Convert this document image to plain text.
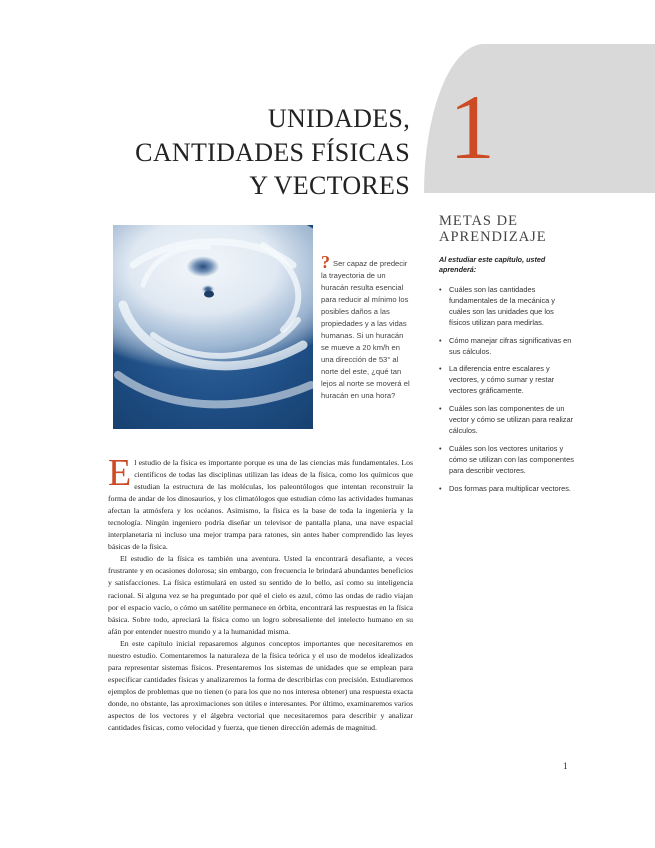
1
UNIDADES,
CANTIDADES FÍSICAS
Y VECTORES
METAS DE
APRENDIZAJE
Al estudiar este capítulo, usted aprenderá:
• Cuáles son las cantidades fundamentales de la mecánica y cuáles son las unidades que los físicos utilizan para medirlas.
• Cómo manejar cifras significativas en sus cálculos.
• La diferencia entre escalares y vectores, y cómo sumar y restar vectores gráficamente.
• Cuáles son las componentes de un vector y cómo se utilizan para realizar cálculos.
• Cuáles son los vectores unitarios y cómo se utilizan con las componentes para describir vectores.
• Dos formas para multiplicar vectores.
? Ser capaz de predecir la trayectoria de un huracán resulta esencial para reducir al mínimo los posibles daños a las propiedades y a las vidas humanas. Si un huracán se mueve a 20 km/h en una dirección de 53° al norte del este, ¿qué tan lejos al norte se moverá el huracán en una hora?

El estudio de la física es importante porque es una de las ciencias más fundamentales. Los científicos de todas las disciplinas utilizan las ideas de la física, como los químicos que estudian la estructura de las moléculas, los paleontólogos que intentan reconstruir la forma de andar de los dinosaurios, y los climatólogos que estudian cómo las actividades humanas afectan la atmósfera y los océanos. Asimismo, la física es la base de toda la ingeniería y la tecnología. Ningún ingeniero podría diseñar un televisor de pantalla plana, una nave espacial interplanetaria ni incluso una mejor trampa para ratones, sin antes haber comprendido las leyes básicas de la física.

El estudio de la física es también una aventura. Usted la encontrará desafiante, a veces frustrante y en ocasiones dolorosa; sin embargo, con frecuencia le brindará abundantes beneficios y satisfacciones. La física estimulará en usted su sentido de lo bello, así como su inteligencia racional. Si alguna vez se ha preguntado por qué el cielo es azul, cómo las ondas de radio viajan por el espacio vacío, o cómo un satélite permanece en órbita, encontrará las respuestas en la física básica. Sobre todo, apreciará la física como un logro sobresaliente del intelecto humano en su afán por entender nuestro mundo y a la humanidad misma.

En este capítulo inicial repasaremos algunos conceptos importantes que necesitaremos en nuestro estudio. Comentaremos la naturaleza de la física teórica y el uso de modelos idealizados para representar sistemas físicos. Presentaremos los sistemas de unidades que se emplean para especificar cantidades físicas y analizaremos la forma de describirlas con precisión. Estudiaremos ejemplos de problemas que no tienen (o para los que no nos interesa obtener) una respuesta exacta donde, no obstante, las aproximaciones son útiles e interesantes. Por último, examinaremos varios aspectos de los vectores y el álgebra vectorial que necesitaremos para describir y analizar cantidades físicas, como velocidad y fuerza, que tienen dirección además de magnitud.

1
